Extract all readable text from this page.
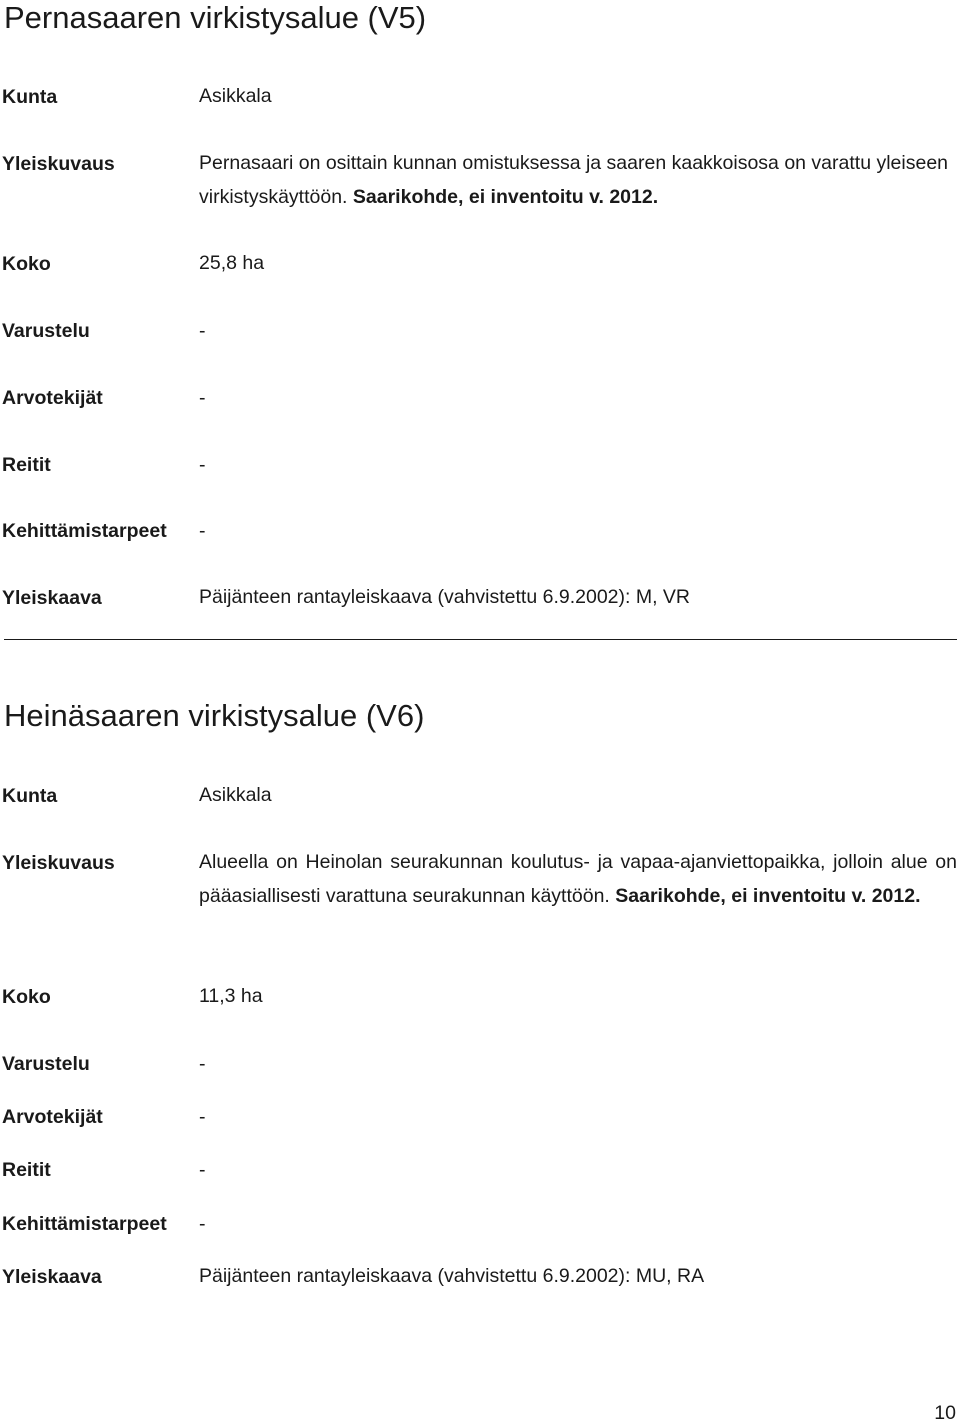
Pernasaaren virkistysalue (V5)
Kunta	Asikkala
Yleiskuvaus	Pernasaari on osittain kunnan omistuksessa ja saaren kaakkoisosa on varattu yleiseen virkistyskäyttöön. Saarikohde, ei inventoitu v. 2012.
Koko	25,8 ha
Varustelu	-
Arvotekijät	-
Reitit	-
Kehittämistarpeet -
Yleiskaava	Päijänteen rantayleiskaava (vahvistettu 6.9.2002): M, VR
Heinäsaaren virkistysalue (V6)
Kunta	Asikkala
Yleiskuvaus	Alueella on Heinolan seurakunnan koulutus- ja vapaa-ajanviettopaikka, jolloin alue on pääasiallisesti varattuna seurakunnan käyttöön. Saarikohde, ei inventoitu v. 2012.
Koko	11,3 ha
Varustelu	-
Arvotekijät	-
Reitit	-
Kehittämistarpeet -
Yleiskaava	Päijänteen rantayleiskaava (vahvistettu 6.9.2002): MU, RA
10
